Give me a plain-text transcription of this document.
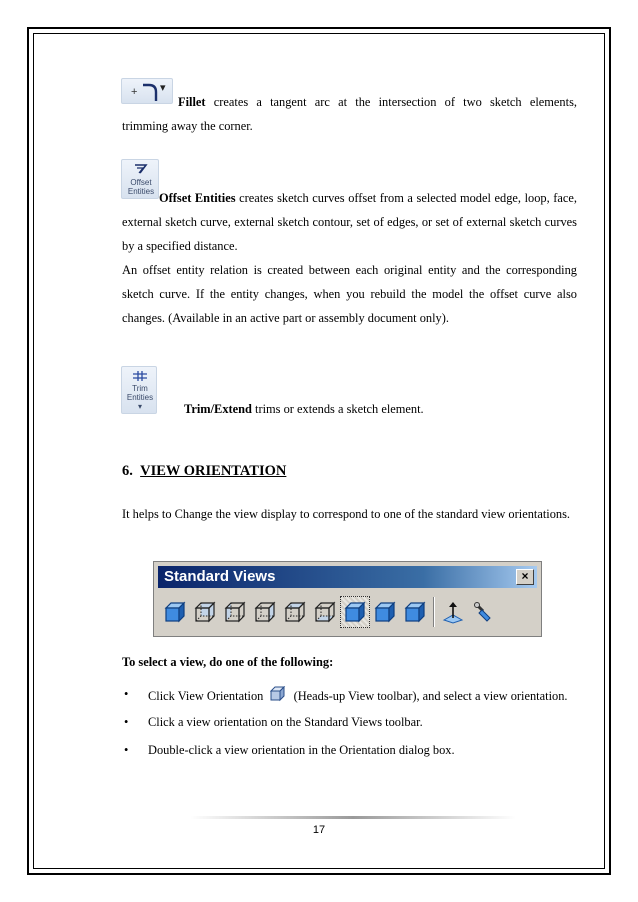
+ ▾

Fillet creates a tangent arc at the intersection of two sketch elements,

trimming away the corner.

Offset
Entities Offset Entities creates sketch curves offset from a selected model edge, loop, face, external sketch curve, external sketch contour, set of edges, or set of external sketch curves by a specified distance.

An offset entity relation is created between each original entity and the corresponding sketch curve. If the entity changes, when you rebuild the model the offset curve also changes. (Available in an active part or assembly document only).

Trim
Entities
▾	Trim/Extend trims or extends a sketch element.

6. VIEW ORIENTATION

It helps to Change the view display to correspond to one of the standard view orientations.

Standard Views	×

To select a view, do one of the following:

• Click View Orientation (Heads-up View toolbar), and select a view orientation.
• Click a view orientation on the Standard Views toolbar.
• Double-click a view orientation in the Orientation dialog box.
17
